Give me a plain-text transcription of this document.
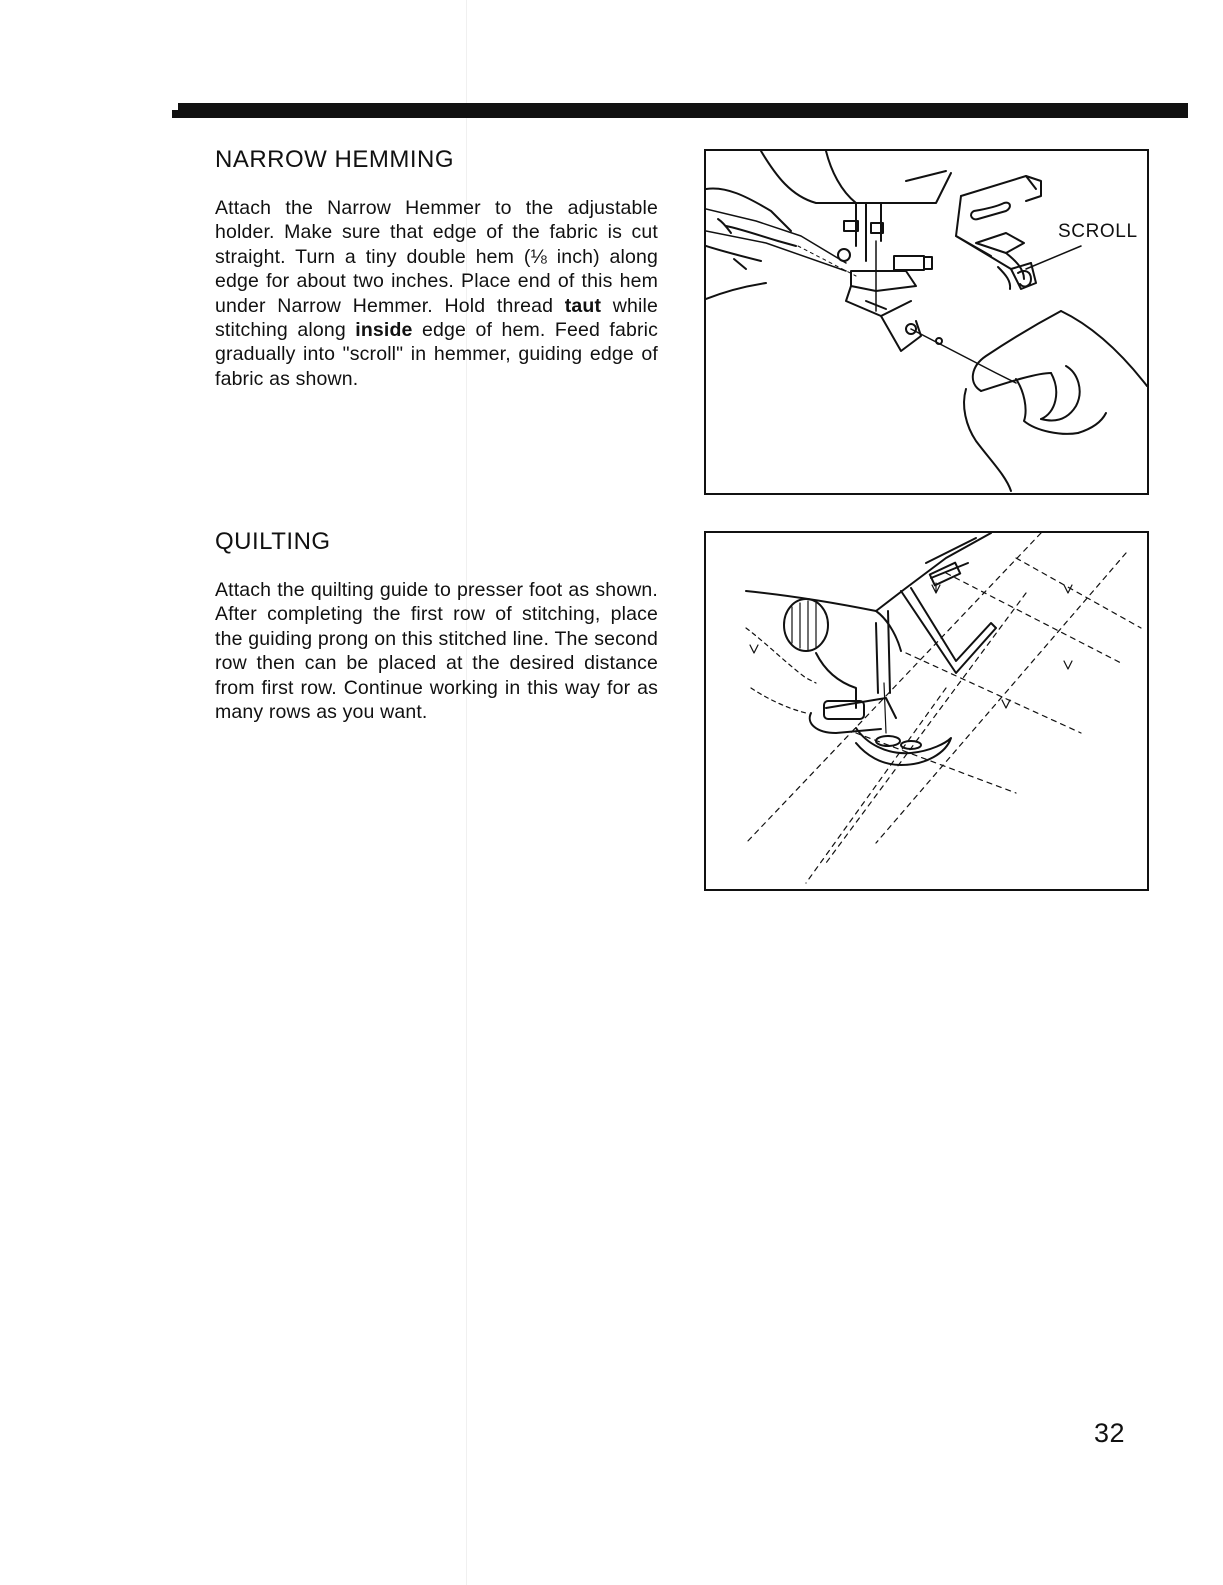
NARROW HEMMING

Attach the Narrow Hemmer to the adjustable holder. Make sure that edge of the fabric is cut straight. Turn a tiny double hem (⅛ inch) along edge for about two inches. Place end of this hem under Narrow Hemmer. Hold thread taut while stitching along inside edge of hem. Feed fabric gradually into "scroll" in hemmer, guiding edge of fabric as shown.

SCROLL
QUILTING

Attach the quilting guide to presser foot as shown. After completing the first row of stitching, place the guiding prong on this stitched line. The second row then can be placed at the desired distance from first row. Continue working in this way for as many rows as you want.

32
